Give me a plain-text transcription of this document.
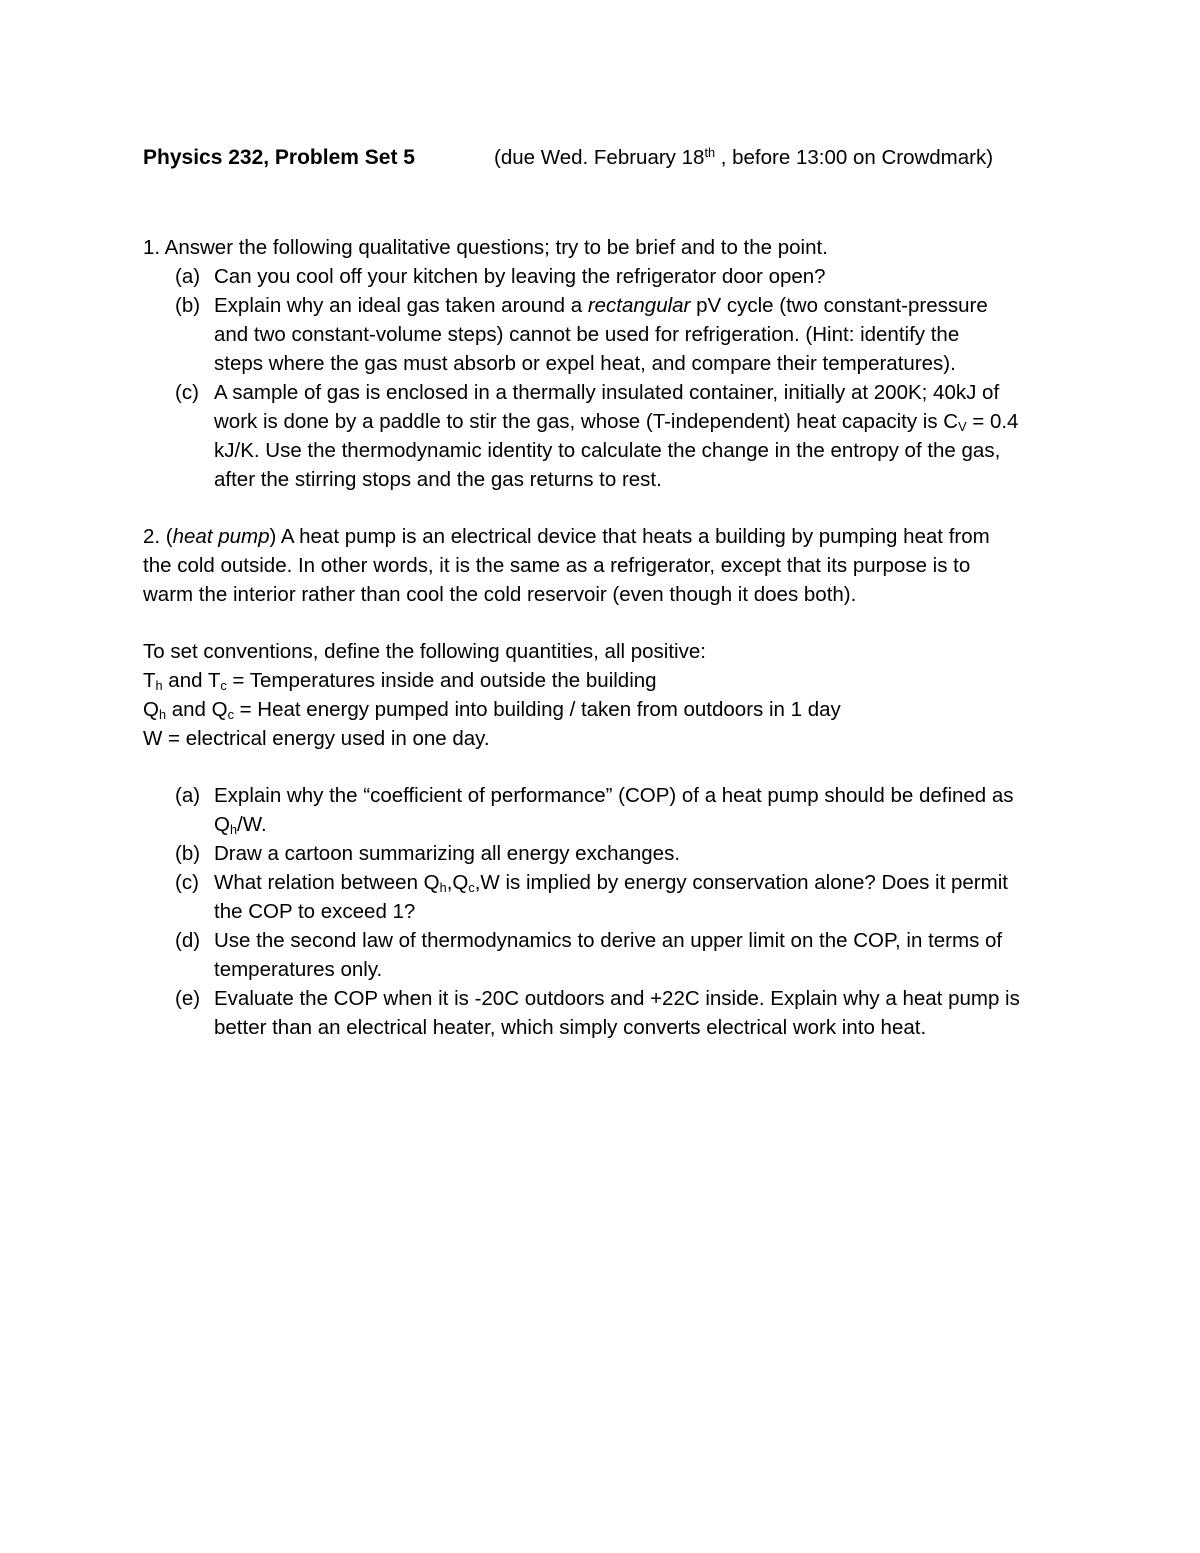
Physics 232, Problem Set 5	(due Wed. February 18th , before 13:00 on Crowdmark)
1. Answer the following qualitative questions; try to be brief and to the point.
(a) Can you cool off your kitchen by leaving the refrigerator door open?
(b) Explain why an ideal gas taken around a rectangular pV cycle (two constant-pressure
and two constant-volume steps) cannot be used for refrigeration. (Hint: identify the
steps where the gas must absorb or expel heat, and compare their temperatures).
(c) A sample of gas is enclosed in a thermally insulated container, initially at 200K; 40kJ of
work is done by a paddle to stir the gas, whose (T-independent) heat capacity is $C_V = 0.4$
kJ/K. Use the thermodynamic identity to calculate the change in the entropy of the gas,
after the stirring stops and the gas returns to rest.
2. (heat pump) A heat pump is an electrical device that heats a building by pumping heat from
the cold outside. In other words, it is the same as a refrigerator, except that its purpose is to
warm the interior rather than cool the cold reservoir (even though it does both).
To set conventions, define the following quantities, all positive:
$T_h$ and $T_c$ = Temperatures inside and outside the building
$Q_h$ and $Q_c$ = Heat energy pumped into building / taken from outdoors in 1 day
W = electrical energy used in one day.
(a) Explain why the “coefficient of performance” (COP) of a heat pump should be defined as
$Q_h/W$.
(b) Draw a cartoon summarizing all energy exchanges.
(c) What relation between $Q_h,Q_c,W$ is implied by energy conservation alone? Does it permit
the COP to exceed 1?
(d) Use the second law of thermodynamics to derive an upper limit on the COP, in terms of
temperatures only.
(e) Evaluate the COP when it is -20C outdoors and +22C inside. Explain why a heat pump is
better than an electrical heater, which simply converts electrical work into heat.
